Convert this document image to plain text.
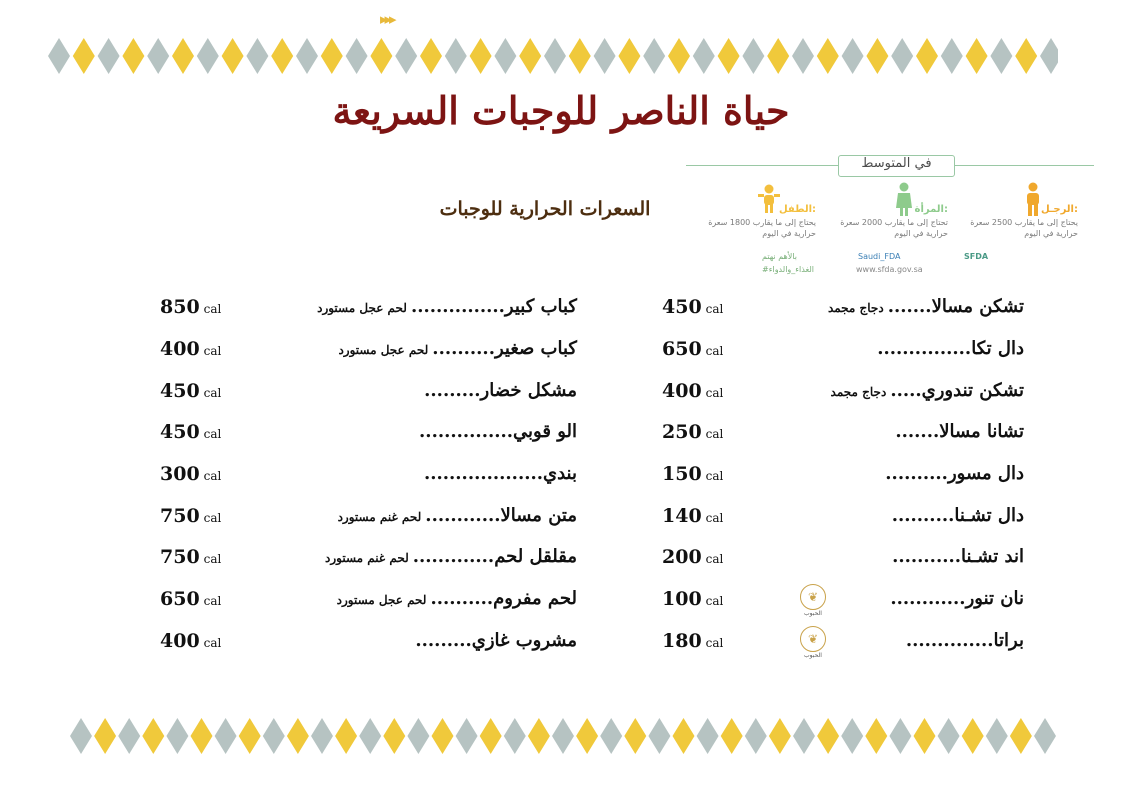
▸▸▸
حياة الناصر للوجبات السريعة
السعرات الحرارية للوجبات
في المتوسط
الرجـل:
يحتاج إلى ما يقارب 2500 سعرة حرارية في اليوم
المرأة:
تحتاج إلى ما يقارب 2000 سعرة حرارية في اليوم
الطفل:
يحتاج إلى ما يقارب 1800 سعرة حرارية في اليوم
SFDA
Saudi_FDA
www.sfda.gov.sa
بالأهم نهتم
#الغذاء_والدواء
تشكن مسالا.......دجاج مجمد
450 cal
دال تكا...............
650 cal
تشكن تندوري.....دجاج مجمد
400 cal
تشانا مسالا.......
250 cal
دال مسور..........
150 cal
دال تشـنا..........
140 cal
اند تشـنا...........
200 cal
نان تنور............
100 cal	❦
الحبوب
براتا..............
180 cal	❦
الحبوب
كباب كبير...............لحم عجل مستورد
850 cal
كباب صغير..........لحم عجل مستورد
400 cal
مشكل خضار.........
450 cal
الو قوبي...............
450 cal
بندي...................
300 cal
متن مسالا............لحم غنم مستورد
750 cal
مقلقل لحم.............لحم غنم مستورد
750 cal
لحم مفروم..........لحم عجل مستورد
650 cal
مشروب غازي.........
400 cal
